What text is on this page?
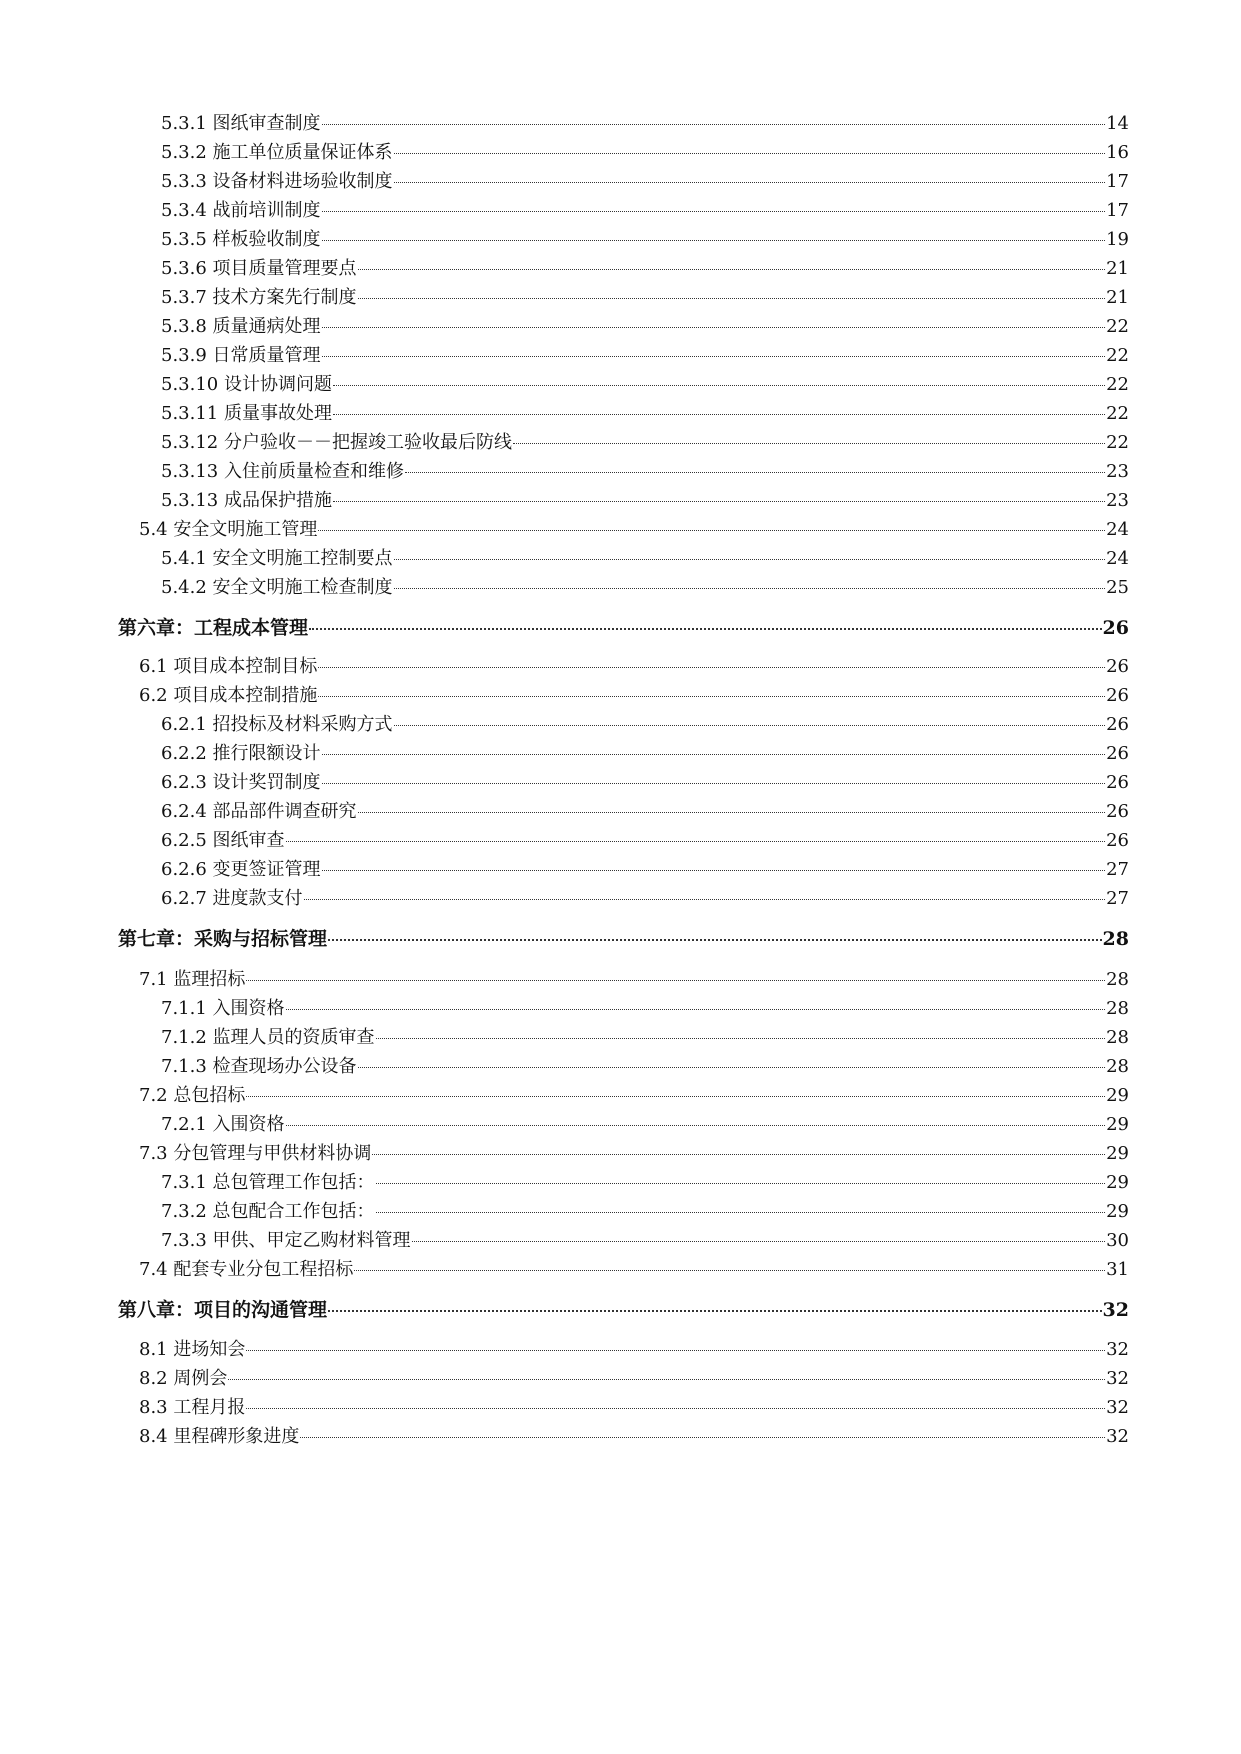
5.3.1 图纸审查制度	14
5.3.2 施工单位质量保证体系	16
5.3.3 设备材料进场验收制度	17
5.3.4 战前培训制度	17
5.3.5 样板验收制度	19
5.3.6 项目质量管理要点	21
5.3.7 技术方案先行制度	21
5.3.8 质量通病处理	22
5.3.9 日常质量管理	22
5.3.10 设计协调问题	22
5.3.11 质量事故处理	22
5.3.12 分户验收－－把握竣工验收最后防线	22
5.3.13 入住前质量检查和维修	23
5.3.13 成品保护措施	23
5.4 安全文明施工管理	24
5.4.1 安全文明施工控制要点	24
5.4.2 安全文明施工检查制度	25
第六章：工程成本管理	26
6.1 项目成本控制目标	26
6.2 项目成本控制措施	26
6.2.1 招投标及材料采购方式	26
6.2.2 推行限额设计	26
6.2.3 设计奖罚制度	26
6.2.4 部品部件调查研究	26
6.2.5 图纸审查	26
6.2.6 变更签证管理	27
6.2.7 进度款支付	27
第七章：采购与招标管理	28
7.1 监理招标	28
7.1.1 入围资格	28
7.1.2 监理人员的资质审查	28
7.1.3 检查现场办公设备	28
7.2 总包招标	29
7.2.1 入围资格	29
7.3 分包管理与甲供材料协调	29
7.3.1 总包管理工作包括：	29
7.3.2 总包配合工作包括：	29
7.3.3 甲供、甲定乙购材料管理	30
7.4 配套专业分包工程招标	31
第八章：项目的沟通管理	32
8.1 进场知会	32
8.2 周例会	32
8.3 工程月报	32
8.4 里程碑形象进度	32
